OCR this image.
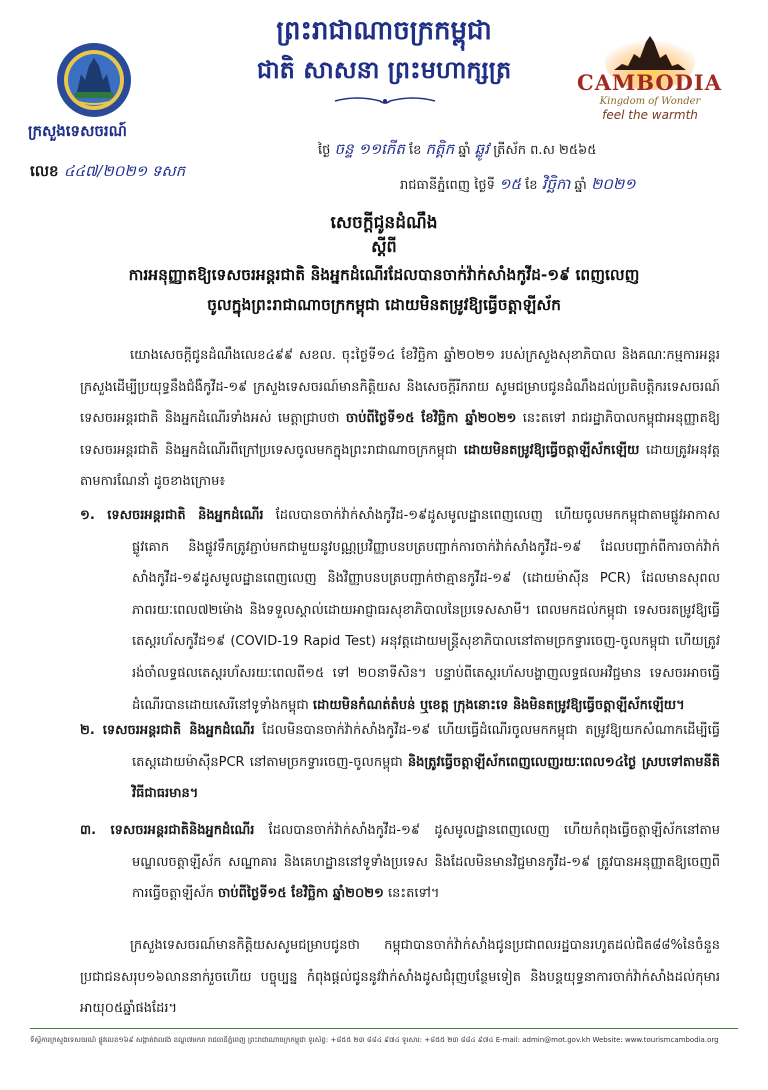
ព្រះរាជាណាចក្រកម្ពុជា
ជាតិ សាសនា ព្រះមហាក្សត្រ
ក្រសួងទេសចរណ៍
លេខ ៤៤៧/២០២១ ទសក
CAMBODIA
Kingdom of Wonder
feel the warmth
ថ្ងៃ ចន្ទ ១១កើត ខែ កត្តិក ឆ្នាំ ឆ្លូវ ត្រីស័ក ព.ស ២៥៦៥
រាជធានីភ្នំពេញ ថ្ងៃទី ១៥ ខែ វិច្ឆិកា ឆ្នាំ ២០២១
សេចក្តីជូនដំណឹង
ស្តីពី
ការអនុញ្ញាតឱ្យទេសចរអន្តរជាតិ និងអ្នកដំណើរដែលបានចាក់វ៉ាក់សាំងកូវីដ-១៩ ពេញលេញ
ចូលក្នុងព្រះរាជាណាចក្រកម្ពុជា ដោយមិនតម្រូវឱ្យធ្វើចត្តាឡីស័ក
យោងសេចក្តីជូនដំណឹងលេខ៤៩៩ សខល. ចុះថ្ងៃទី១៤ ខែវិច្ឆិកា ឆ្នាំ២០២១ របស់ក្រសួងសុខាភិបាល និងគណៈកម្មការអន្តរក្រសួងដើម្បីប្រយុទ្ធនឹងជំងឺកូវីដ-១៩ ក្រសួងទេសចរណ៍មានកិត្តិយស និងសេចក្តីរីករាយ សូមជម្រាបជូនដំណឹងដល់ប្រតិបត្តិករទេសចរណ៍ ទេសចរអន្តរជាតិ និងអ្នកដំណើរទាំងអស់ មេត្តាជ្រាបថា ចាប់ពីថ្ងៃទី១៥ ខែវិច្ឆិកា ឆ្នាំ២០២១ នេះតទៅ រាជរដ្ឋាភិបាលកម្ពុជាអនុញ្ញាតឱ្យទេសចរអន្តរជាតិ និងអ្នកដំណើរពីក្រៅប្រទេសចូលមកក្នុងព្រះរាជាណាចក្រកម្ពុជា ដោយមិនតម្រូវឱ្យធ្វើចត្តាឡីស័កឡើយ ដោយត្រូវអនុវត្តតាមការណែនាំ ដូចខាងក្រោម៖
១. ទេសចរអន្តរជាតិ និងអ្នកដំណើរ ដែលបានចាក់វ៉ាក់សាំងកូវីដ-១៩ដូសមូលដ្ឋានពេញលេញ ហើយចូលមកកម្ពុជាតាមផ្លូវអាកាស ផ្លូវគោក និងផ្លូវទឹកត្រូវភ្ជាប់មកជាមួយនូវបណ្ណប្រវិញ្ញាបនបត្របញ្ជាក់ការចាក់វ៉ាក់សាំងកូវីដ-១៩ ដែលបញ្ជាក់ពីការចាក់វ៉ាក់សាំងកូវីដ-១៩ដូសមូលដ្ឋានពេញលេញ និងវិញ្ញាបនបត្របញ្ជាក់ថាគ្មានកូវីដ-១៩ (ដោយម៉ាស៊ីន PCR) ដែលមានសុពលភាពរយៈពេល៧២ម៉ោង និងទទួលស្គាល់ដោយអាជ្ញាធរសុខាភិបាលនៃប្រទេសសាមី។ ពេលមកដល់កម្ពុជា ទេសចរតម្រូវឱ្យធ្វើតេស្តរហ័សកូវីដ១៩ (COVID-19 Rapid Test) អនុវត្តដោយមន្ត្រីសុខាភិបាលនៅតាមច្រកទ្វារចេញ-ចូលកម្ពុជា ហើយត្រូវរង់ចាំលទ្ធផលតេស្តរហ័សរយៈពេលពី១៥ ទៅ ២០នាទីសិន។ បន្ទាប់ពីតេស្តរហ័សបង្ហាញលទ្ធផលអវិជ្ជមាន ទេសចរអាចធ្វើដំណើរបានដោយសេរីនៅទូទាំងកម្ពុជា ដោយមិនកំណត់តំបន់ ឬខេត្ត ក្រុងនោះទេ និងមិនតម្រូវឱ្យធ្វើចត្តាឡីស័កឡើយ។
២. ទេសចរអន្តរជាតិ និងអ្នកដំណើរ ដែលមិនបានចាក់វ៉ាក់សាំងកូវីដ-១៩ ហើយធ្វើដំណើរចូលមកកម្ពុជា តម្រូវឱ្យយកសំណាកដើម្បីធ្វើតេស្តដោយម៉ាស៊ីនPCR នៅតាមច្រកទ្វារចេញ-ចូលកម្ពុជា និងត្រូវធ្វើចត្តាឡីស័កពេញលេញរយៈពេល១៤ថ្ងៃ ស្របទៅតាមនីតិវិធីជាធរមាន។
៣. ទេសចរអន្តរជាតិនិងអ្នកដំណើរ ដែលបានចាក់វ៉ាក់សាំងកូវីដ-១៩ ដូសមូលដ្ឋានពេញលេញ ហើយកំពុងធ្វើចត្តាឡីស័កនៅតាមមណ្ឌលចត្តាឡីស័ក សណ្ឋាគារ និងគេហដ្ឋាននៅទូទាំងប្រទេស និងដែលមិនមានវិជ្ជមានកូវីដ-១៩ ត្រូវបានអនុញ្ញាតឱ្យចេញពីការធ្វើចត្តាឡីស័ក ចាប់ពីថ្ងៃទី១៥ ខែវិច្ឆិកា ឆ្នាំ២០២១ នេះតទៅ។
ក្រសួងទេសចរណ៍មានកិត្តិយសសូមជម្រាបជូនថា កម្ពុជាបានចាក់វ៉ាក់សាំងជូនប្រជាពលរដ្ឋបានរហូតដល់ជិត៨៨%នៃចំនួនប្រជាជនសរុប១៦លាននាក់រួចហើយ បច្ចុប្បន្ន កំពុងផ្តល់ជូននូវវ៉ាក់សាំងដូសជំរុញបន្ថែមទៀត និងបន្តយុទ្ធនាការចាក់វ៉ាក់សាំងដល់កុមារអាយុ០៥ឆ្នាំផងដែរ។
ទីស្តីការក្រសួងទេសចរណ៍ ផ្លូវលេខ១៦៩ សង្កាត់វាលវង់ ខណ្ឌ៧មករា រាជធានីភ្នំពេញ ព្រះរាជាណាចក្រកម្ពុជា ទូរស័ព្ទ: +៨៥៥ ២៣ ៨៨៤ ៩៧៤ ទូរសារ: +៨៥៥ ២៣ ៨៨៤ ៩៧៤ E-mail: admin@mot.gov.kh Website: www.tourismcambodia.org
